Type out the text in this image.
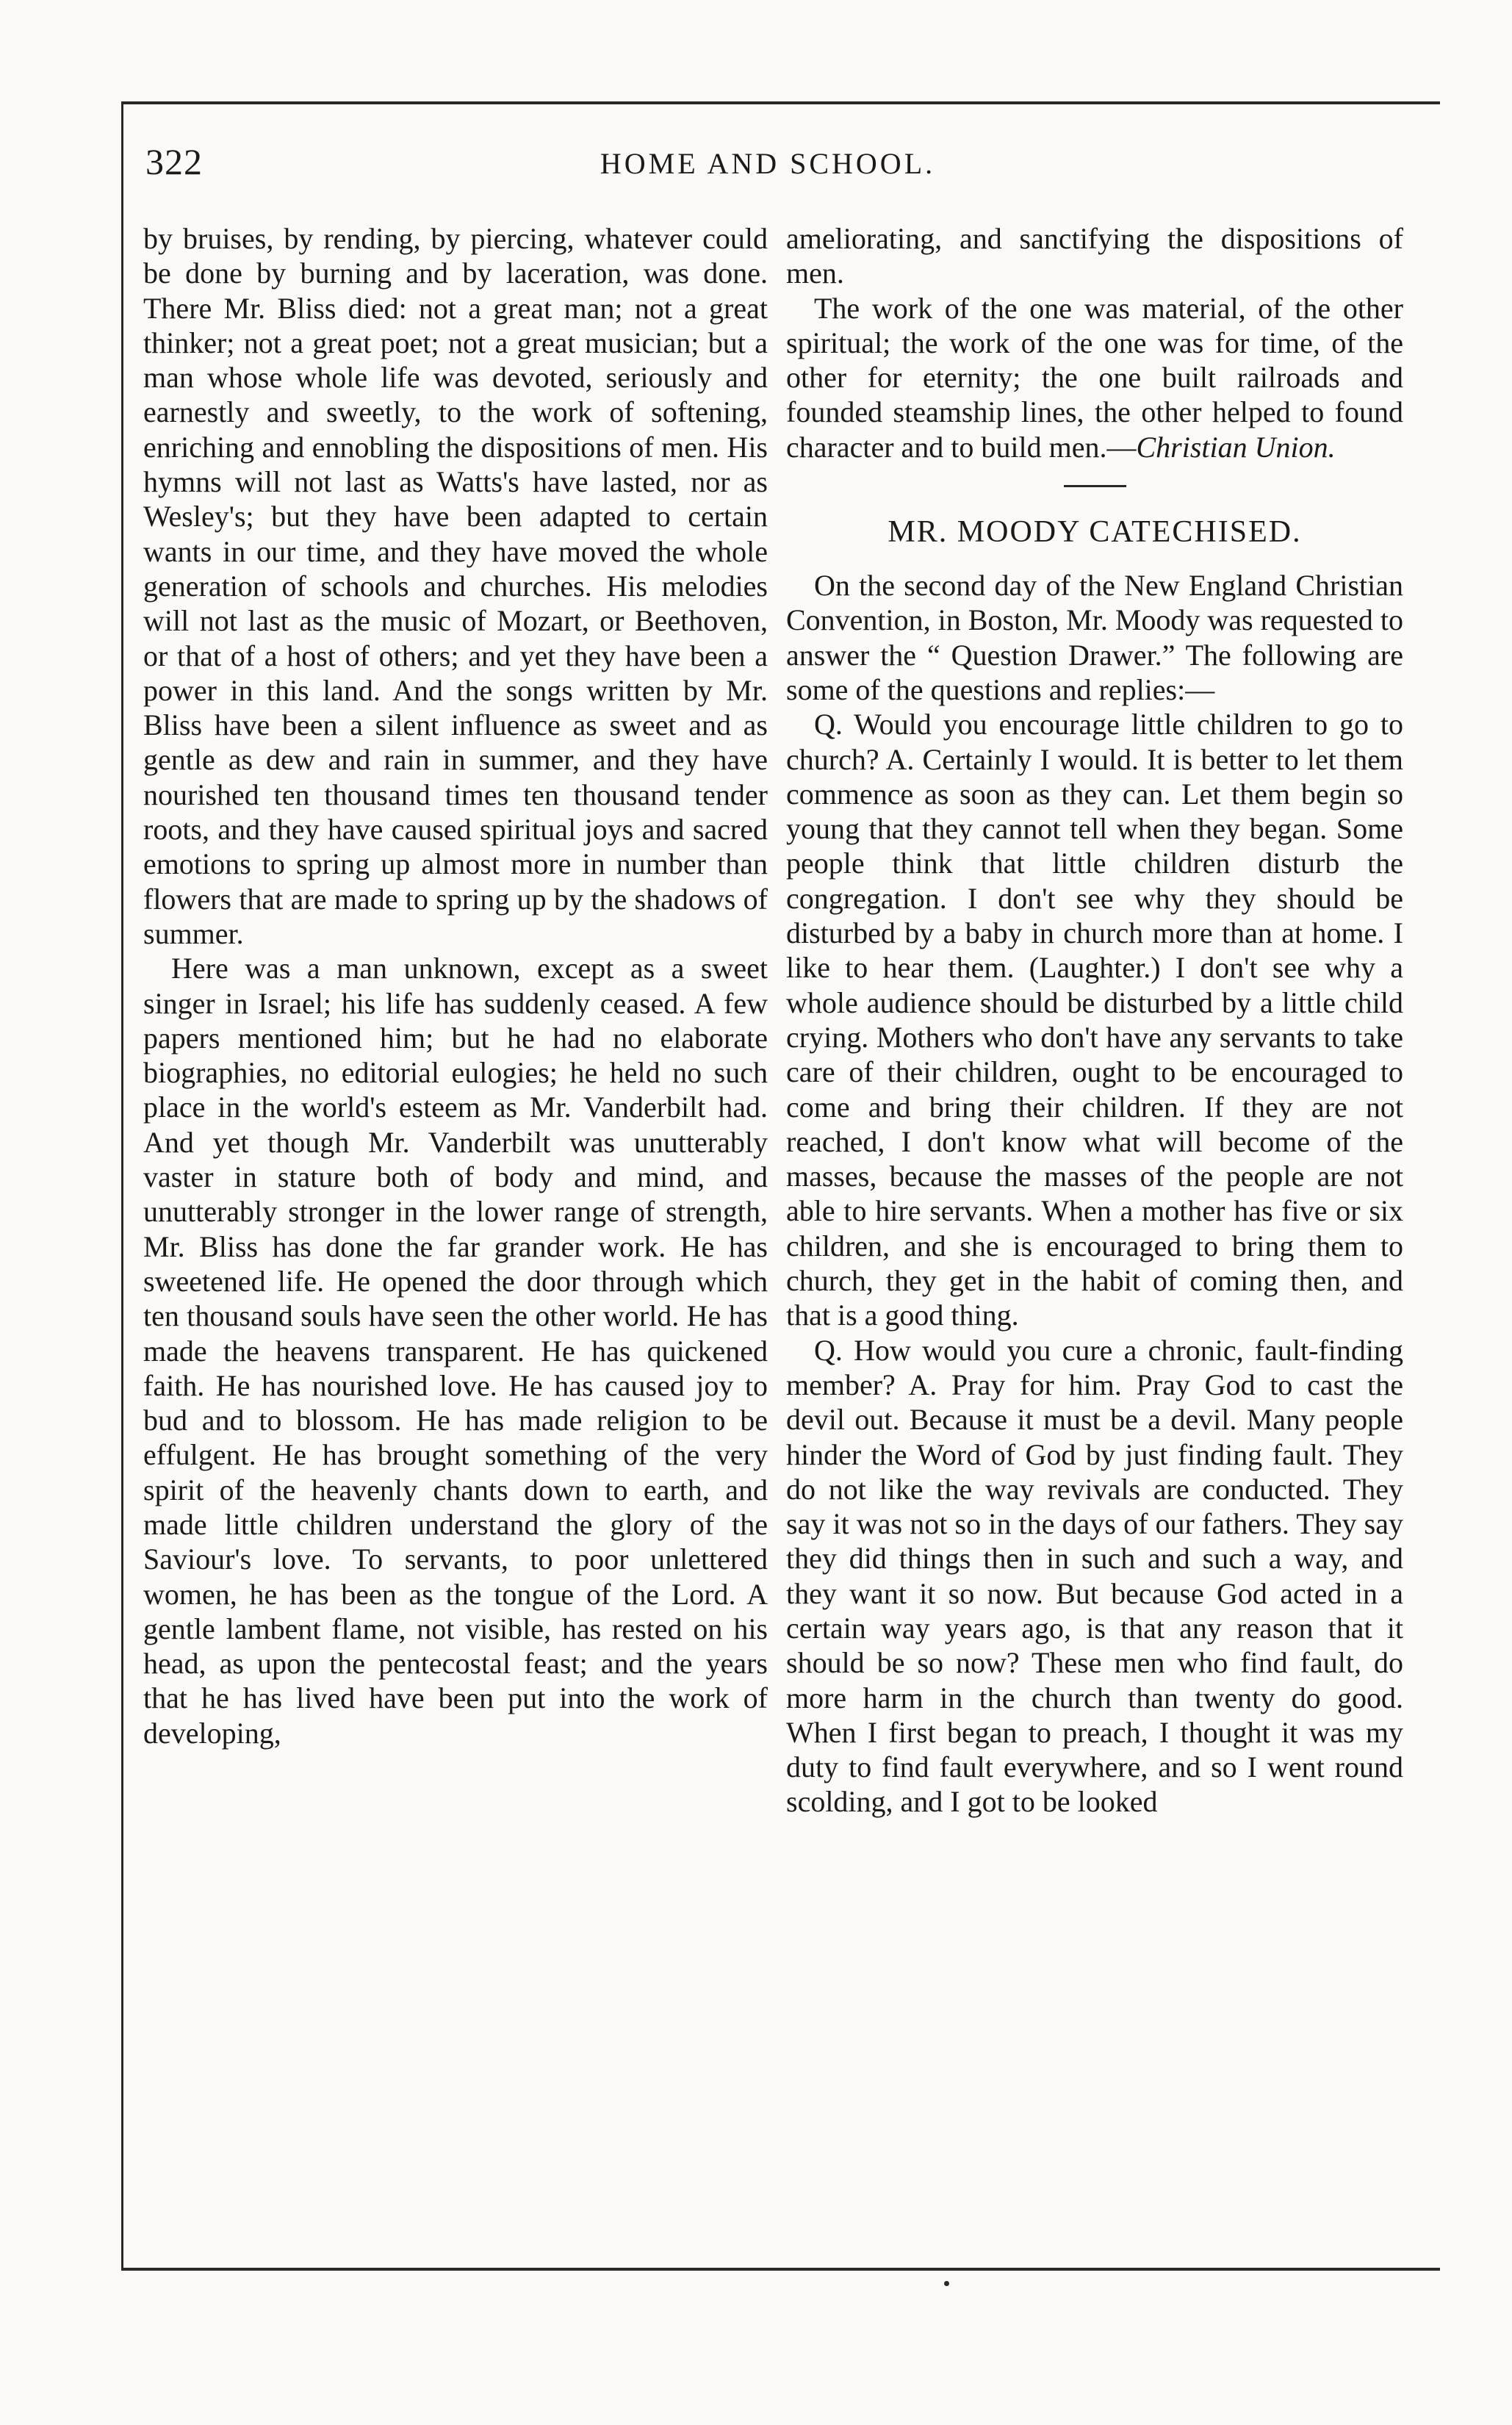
322	HOME AND SCHOOL.

by bruises, by rending, by piercing, whatever could be done by burning and by laceration, was done. There Mr. Bliss died: not a great man; not a great thinker; not a great poet; not a great musician; but a man whose whole life was devoted, seriously and earnestly and sweetly, to the work of softening, enriching and ennobling the dispositions of men. His hymns will not last as Watts's have lasted, nor as Wesley's; but they have been adapted to certain wants in our time, and they have moved the whole generation of schools and churches. His melodies will not last as the music of Mozart, or Beethoven, or that of a host of others; and yet they have been a power in this land. And the songs written by Mr. Bliss have been a silent influence as sweet and as gentle as dew and rain in summer, and they have nourished ten thousand times ten thousand tender roots, and they have caused spiritual joys and sacred emotions to spring up almost more in number than flowers that are made to spring up by the shadows of summer.

Here was a man unknown, except as a sweet singer in Israel; his life has suddenly ceased. A few papers mentioned him; but he had no elaborate biographies, no editorial eulogies; he held no such place in the world's esteem as Mr. Vanderbilt had. And yet though Mr. Vanderbilt was unutterably vaster in stature both of body and mind, and unutterably stronger in the lower range of strength, Mr. Bliss has done the far grander work. He has sweetened life. He opened the door through which ten thousand souls have seen the other world. He has made the heavens transparent. He has quickened faith. He has nourished love. He has caused joy to bud and to blossom. He has made religion to be effulgent. He has brought something of the very spirit of the heavenly chants down to earth, and made little children understand the glory of the Saviour's love. To servants, to poor unlettered women, he has been as the tongue of the Lord. A gentle lambent flame, not visible, has rested on his head, as upon the pentecostal feast; and the years that he has lived have been put into the work of developing,

ameliorating, and sanctifying the dispositions of men.

The work of the one was material, of the other spiritual; the work of the one was for time, of the other for eternity; the one built railroads and founded steamship lines, the other helped to found character and to build men.—Christian Union.

MR. MOODY CATECHISED.

On the second day of the New England Christian Convention, in Boston, Mr. Moody was requested to answer the “ Question Drawer.” The following are some of the questions and replies:—

Q. Would you encourage little children to go to church? A. Certainly I would. It is better to let them commence as soon as they can. Let them begin so young that they cannot tell when they began. Some people think that little children disturb the congregation. I don't see why they should be disturbed by a baby in church more than at home. I like to hear them. (Laughter.) I don't see why a whole audience should be disturbed by a little child crying. Mothers who don't have any servants to take care of their children, ought to be encouraged to come and bring their children. If they are not reached, I don't know what will become of the masses, because the masses of the people are not able to hire servants. When a mother has five or six children, and she is encouraged to bring them to church, they get in the habit of coming then, and that is a good thing.

Q. How would you cure a chronic, fault-finding member? A. Pray for him. Pray God to cast the devil out. Because it must be a devil. Many people hinder the Word of God by just finding fault. They do not like the way revivals are conducted. They say it was not so in the days of our fathers. They say they did things then in such and such a way, and they want it so now. But because God acted in a certain way years ago, is that any reason that it should be so now? These men who find fault, do more harm in the church than twenty do good. When I first began to preach, I thought it was my duty to find fault everywhere, and so I went round scolding, and I got to be looked
